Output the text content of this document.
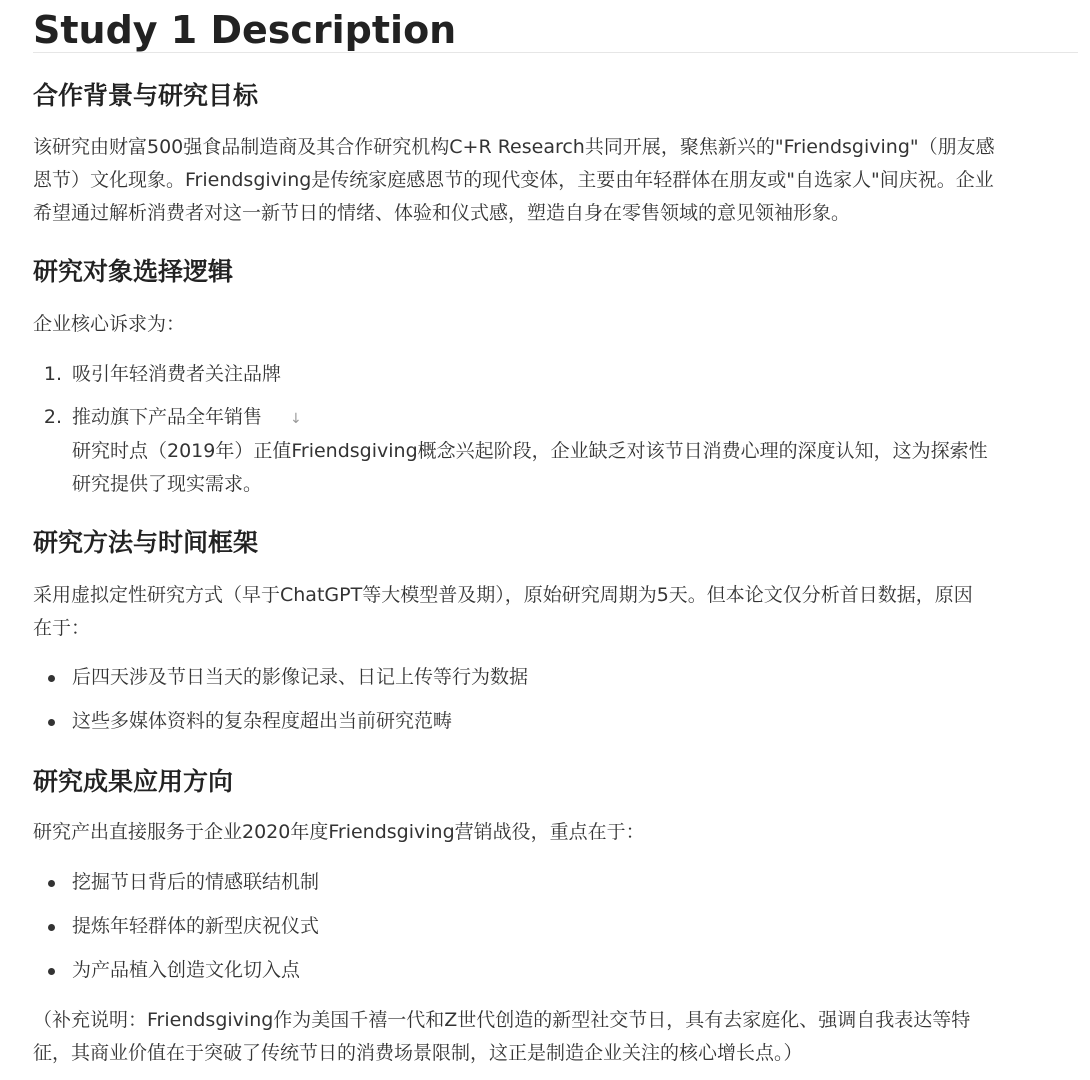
Study 1 Description
合作背景与研究目标
该研究由财富500强食品制造商及其合作研究机构C+R Research共同开展，聚焦新兴的"Friendsgiving"（朋友感
恩节）文化现象。Friendsgiving是传统家庭感恩节的现代变体，主要由年轻群体在朋友或"自选家人"间庆祝。企业
希望通过解析消费者对这一新节日的情绪、体验和仪式感，塑造自身在零售领域的意见领袖形象。
研究对象选择逻辑
企业核心诉求为：
1. 吸引年轻消费者关注品牌
2. 推动旗下产品全年销售 ↓
研究时点（2019年）正值Friendsgiving概念兴起阶段，企业缺乏对该节日消费心理的深度认知，这为探索性
研究提供了现实需求。
研究方法与时间框架
采用虚拟定性研究方式（早于ChatGPT等大模型普及期），原始研究周期为5天。但本论文仅分析首日数据，原因
在于：
后四天涉及节日当天的影像记录、日记上传等行为数据
这些多媒体资料的复杂程度超出当前研究范畴
研究成果应用方向
研究产出直接服务于企业2020年度Friendsgiving营销战役，重点在于：
挖掘节日背后的情感联结机制
提炼年轻群体的新型庆祝仪式
为产品植入创造文化切入点
（补充说明：Friendsgiving作为美国千禧一代和Z世代创造的新型社交节日，具有去家庭化、强调自我表达等特
征，其商业价值在于突破了传统节日的消费场景限制，这正是制造企业关注的核心增长点。）
